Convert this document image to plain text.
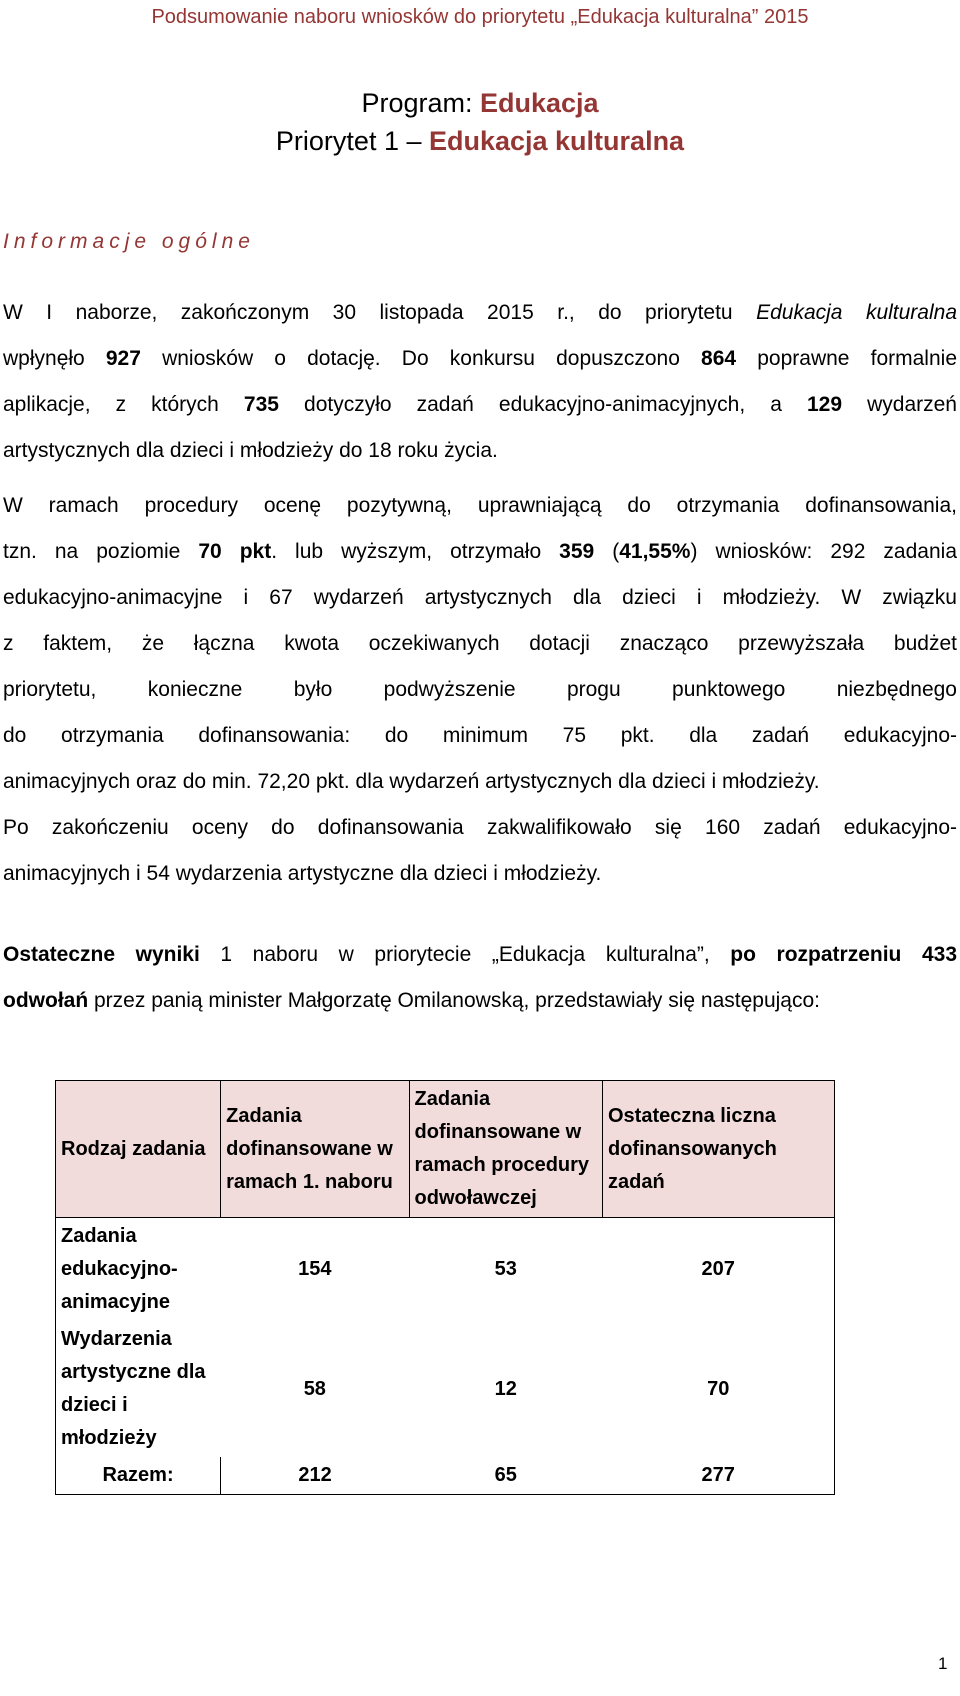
Podsumowanie naboru wniosków do priorytetu „Edukacja kulturalna” 2015
Program: Edukacja
Priorytet 1 – Edukacja kulturalna
Informacje ogólne
W I naborze, zakończonym 30 listopada 2015 r., do priorytetu Edukacja kulturalna
wpłynęło 927 wniosków o dotację. Do konkursu dopuszczono 864 poprawne formalnie
aplikacje, z których 735 dotyczyło zadań edukacyjno-animacyjnych, a 129 wydarzeń
artystycznych dla dzieci i młodzieży do 18 roku życia.
W ramach procedury ocenę pozytywną, uprawniającą do otrzymania dofinansowania,
tzn. na poziomie 70 pkt. lub wyższym, otrzymało 359 (41,55%) wniosków: 292 zadania
edukacyjno-animacyjne i 67 wydarzeń artystycznych dla dzieci i młodzieży. W związku
z faktem, że łączna kwota oczekiwanych dotacji znacząco przewyższała budżet
priorytetu, konieczne było podwyższenie progu punktowego niezbędnego
do otrzymania dofinansowania: do minimum 75 pkt. dla zadań edukacyjno-
animacyjnych oraz do min. 72,20 pkt. dla wydarzeń artystycznych dla dzieci i młodzieży.
Po zakończeniu oceny do dofinansowania zakwalifikowało się 160 zadań edukacyjno-
animacyjnych i 54 wydarzenia artystyczne dla dzieci i młodzieży.
Ostateczne wyniki 1 naboru w priorytecie „Edukacja kulturalna”, po rozpatrzeniu 433
odwołań przez panią minister Małgorzatę Omilanowską, przedstawiały się następująco:
Rodzaj zadania	Zadania dofinansowane w ramach 1. naboru	Zadania dofinansowane w ramach procedury odwoławczej	Ostateczna liczna dofinansowanych zadań
Zadania edukacyjno-animacyjne	154	53	207
Wydarzenia artystyczne dla dzieci i młodzieży	58	12	70
Razem:	212	65	277
1
